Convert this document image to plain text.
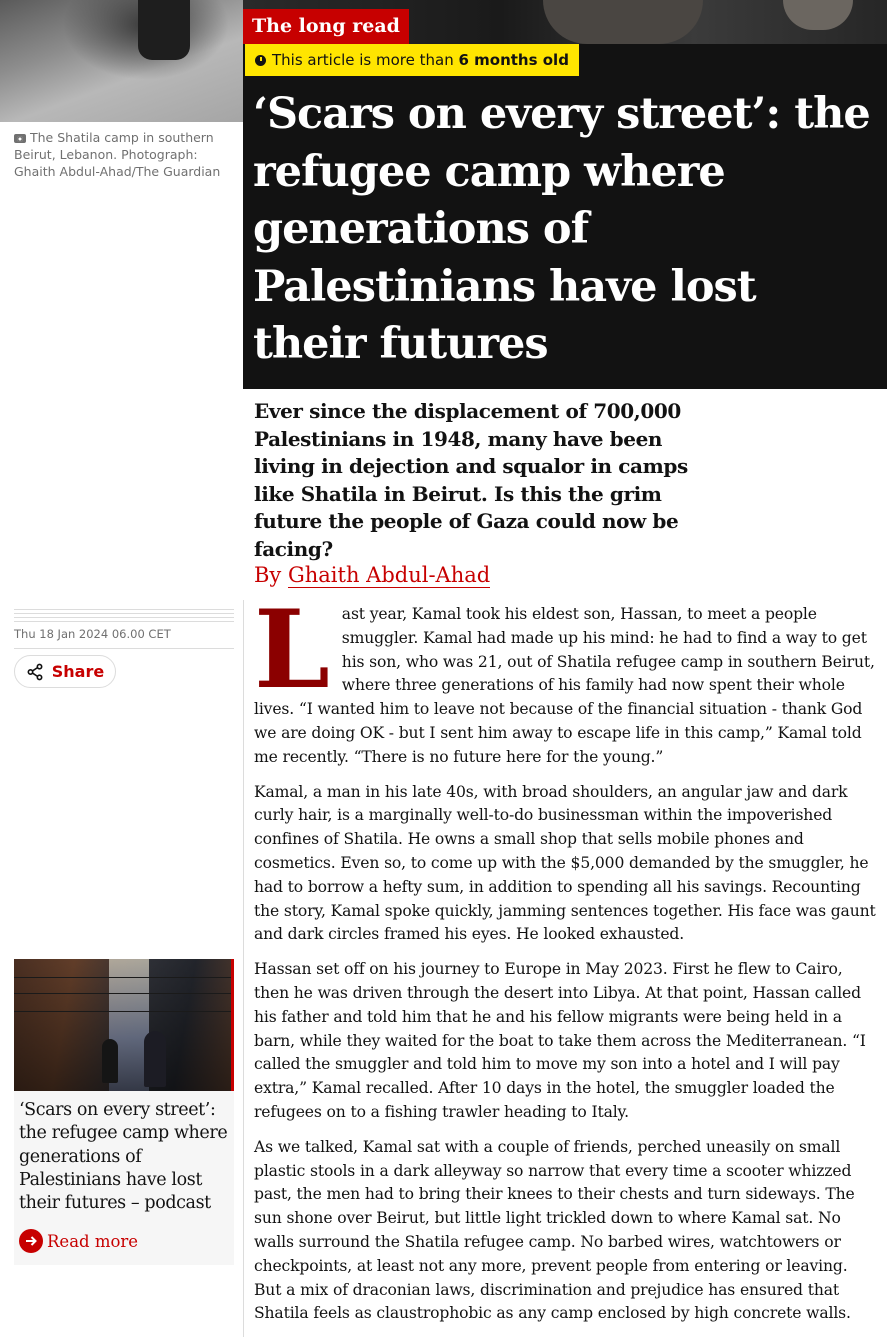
The Shatila camp in southern Beirut, Lebanon. Photograph: Ghaith Abdul-Ahad/The Guardian
The long read
This article is more than 6 months old
‘Scars on every street’: the refugee camp where generations of Palestinians have lost their futures

Ever since the displacement of 700,000 Palestinians in 1948, many have been living in dejection and squalor in camps like Shatila in Beirut. Is this the grim future the people of Gaza could now be facing?

By Ghaith Abdul-Ahad
Thu 18 Jan 2024 06.00 CET
Share Last year, Kamal took his eldest son, Hassan, to meet a people smuggler. Kamal had made up his mind: he had to find a way to get his son, who was 21, out of Shatila refugee camp in southern Beirut, where three generations of his family had now spent their whole lives. “I wanted him to leave not because of the financial situation - thank God we are doing OK - but I sent him away to escape life in this camp,” Kamal told me recently. “There is no future here for the young.”

Kamal, a man in his late 40s, with broad shoulders, an angular jaw and dark curly hair, is a marginally well-to-do businessman within the impoverished confines of Shatila. He owns a small shop that sells mobile phones and cosmetics. Even so, to come up with the $5,000 demanded by the smuggler, he had to borrow a hefty sum, in addition to spending all his savings. Recounting the story, Kamal spoke quickly, jamming sentences together. His face was gaunt and dark circles framed his eyes. He looked exhausted.

Hassan set off on his journey to Europe in May 2023. First he flew to Cairo, then he was driven through the desert into Libya. At that point, Hassan called his father and told him that he and his fellow migrants were being held in a barn, while they waited for the boat to take them across the Mediterranean. “I called the smuggler and told him to move my son into a hotel and I will pay extra,” Kamal recalled. After 10 days in the hotel, the smuggler loaded the refugees on to a fishing trawler heading to Italy.

As we talked, Kamal sat with a couple of friends, perched uneasily on small plastic stools in a dark alleyway so narrow that every time a scooter whizzed past, the men had to bring their knees to their chests and turn sideways. The sun shone over Beirut, but little light trickled down to where Kamal sat. No walls surround the Shatila refugee camp. No barbed wires, watchtowers or checkpoints, at least not any more, prevent people from entering or leaving. But a mix of draconian laws, discrimination and prejudice has ensured that Shatila feels as claustrophobic as any camp enclosed by high concrete walls.

‘Scars on every street’: the refugee camp where generations of Palestinians have lost their futures – podcast

Read more
